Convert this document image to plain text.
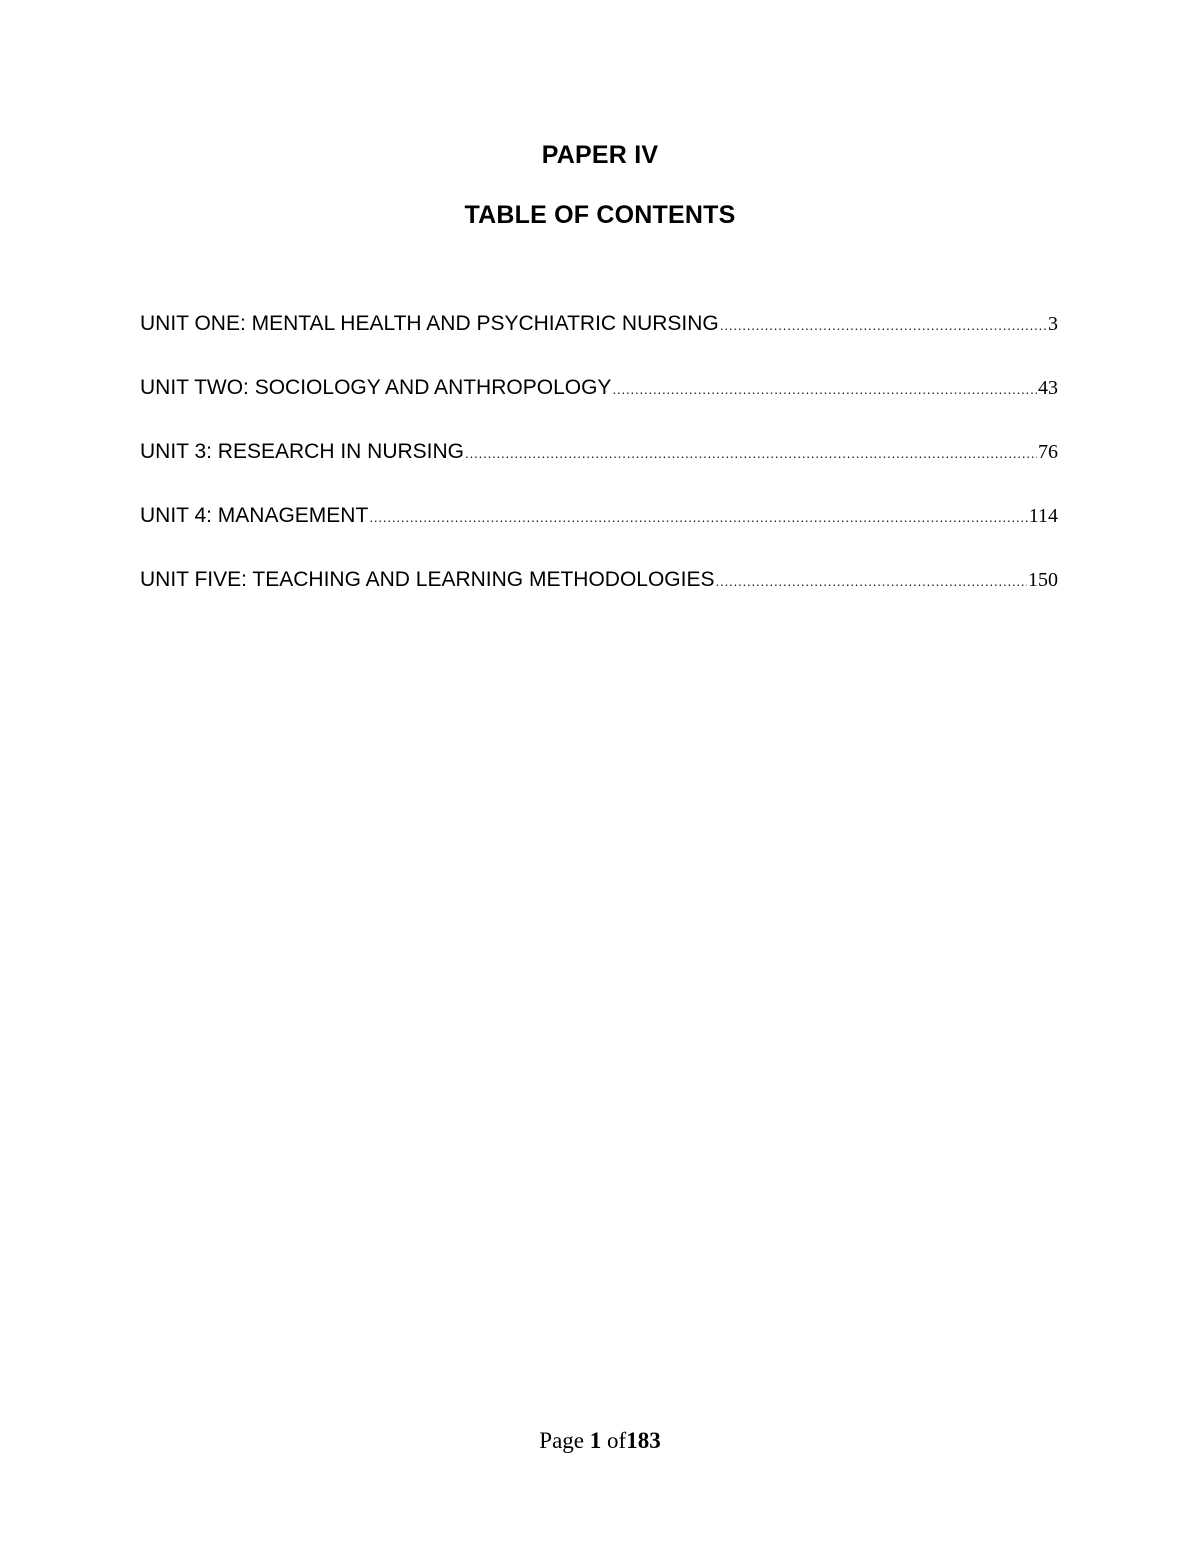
PAPER IV
TABLE OF CONTENTS
UNIT ONE: MENTAL HEALTH AND PSYCHIATRIC NURSING .....	3
UNIT TWO: SOCIOLOGY AND ANTHROPOLOGY .....	43
UNIT 3: RESEARCH IN NURSING .....	76
UNIT 4: MANAGEMENT .....	114
UNIT FIVE: TEACHING AND LEARNING METHODOLOGIES .....	150
Page 1 of183
